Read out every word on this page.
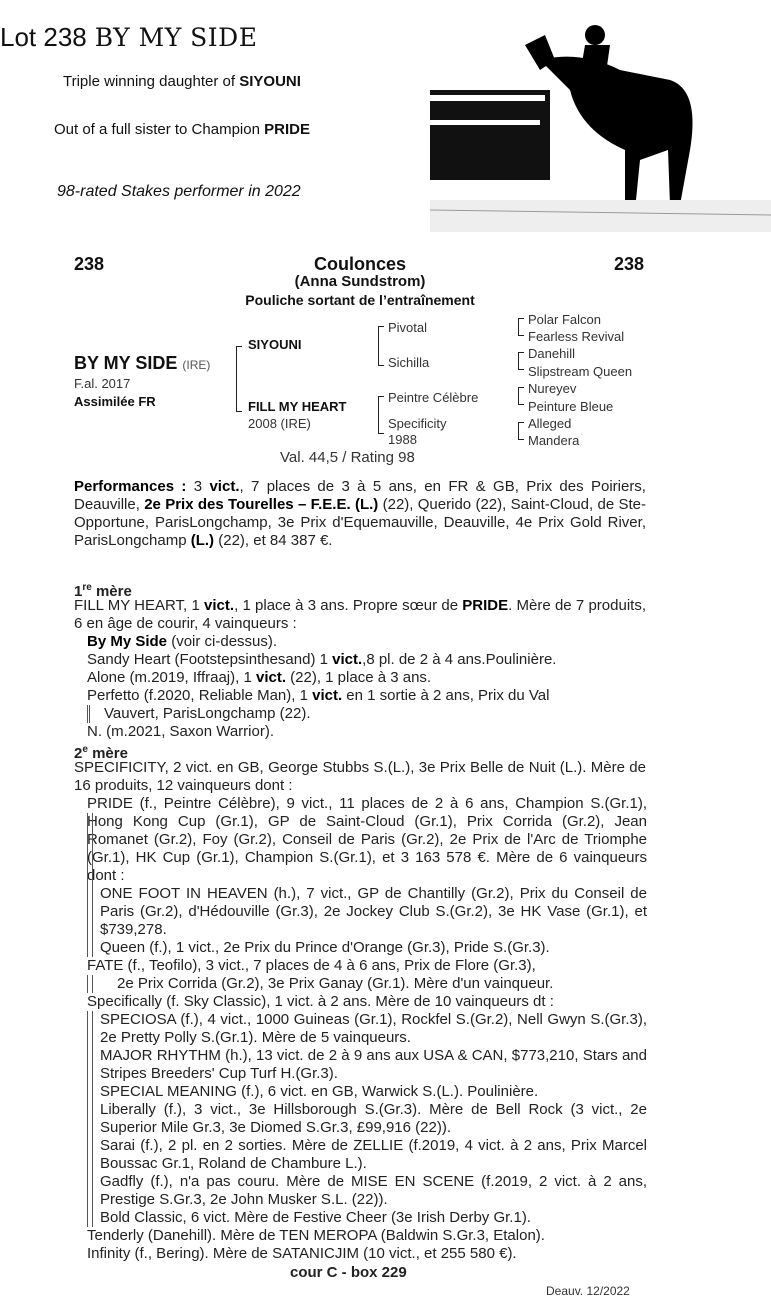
Lot 238 BY MY SIDE
Triple winning daughter of SIYOUNI
Out of a full sister to Champion PRIDE
98-rated Stakes performer in 2022
238	238
Coulonces
(Anna Sundstrom)
Pouliche sortant de l’entraînement
BY MY SIDE (IRE)
F.al. 2017
Assimilée FR
SIYOUNI
FILL MY HEART
2008 (IRE)
Pivotal
Sichilla
Peintre Célèbre
Specificity
1988
Polar Falcon
Fearless Revival
Danehill
Slipstream Queen
Nureyev
Peinture Bleue
Alleged
Mandera
Val. 44,5 / Rating 98
Performances : 3 vict., 7 places de 3 à 5 ans, en FR & GB, Prix des Poiriers, Deauville, 2e Prix des Tourelles – F.E.E. (L.) (22), Querido (22), Saint-Cloud, de Ste-Opportune, ParisLongchamp, 3e Prix d'Equemauville, Deauville, 4e Prix Gold River, ParisLongchamp (L.) (22), et 84 387 €.
1re mère
FILL MY HEART, 1 vict., 1 place à 3 ans. Propre sœur de PRIDE. Mère de 7 produits, 6 en âge de courir, 4 vainqueurs :
By My Side (voir ci-dessus).
Sandy Heart (Footstepsinthesand) 1 vict.,8 pl. de 2 à 4 ans.Poulinière.
Alone (m.2019, Iffraaj), 1 vict. (22), 1 place à 3 ans.
Perfetto (f.2020, Reliable Man), 1 vict. en 1 sortie à 2 ans, Prix du Val
Vauvert, ParisLongchamp (22).
N. (m.2021, Saxon Warrior).
2e mère
SPECIFICITY, 2 vict. en GB, George Stubbs S.(L.), 3e Prix Belle de Nuit (L.). Mère de 16 produits, 12 vainqueurs dont :
PRIDE (f., Peintre Célèbre), 9 vict., 11 places de 2 à 6 ans, Champion S.(Gr.1), Hong Kong Cup (Gr.1), GP de Saint-Cloud (Gr.1), Prix Corrida (Gr.2), Jean Romanet (Gr.2), Foy (Gr.2), Conseil de Paris (Gr.2), 2e Prix de l'Arc de Triomphe (Gr.1), HK Cup (Gr.1), Champion S.(Gr.1), et 3 163 578 €. Mère de 6 vainqueurs dont :
ONE FOOT IN HEAVEN (h.), 7 vict., GP de Chantilly (Gr.2), Prix du Conseil de Paris (Gr.2), d'Hédouville (Gr.3), 2e Jockey Club S.(Gr.2), 3e HK Vase (Gr.1), et $739,278.
Queen (f.), 1 vict., 2e Prix du Prince d'Orange (Gr.3), Pride S.(Gr.3).
FATE (f., Teofilo), 3 vict., 7 places de 4 à 6 ans, Prix de Flore (Gr.3),
2e Prix Corrida (Gr.2), 3e Prix Ganay (Gr.1). Mère d'un vainqueur.
Specifically (f. Sky Classic), 1 vict. à 2 ans. Mère de 10 vainqueurs dt :
SPECIOSA (f.), 4 vict., 1000 Guineas (Gr.1), Rockfel S.(Gr.2), Nell Gwyn S.(Gr.3), 2e Pretty Polly S.(Gr.1). Mère de 5 vainqueurs.
MAJOR RHYTHM (h.), 13 vict. de 2 à 9 ans aux USA & CAN, $773,210, Stars and Stripes Breeders' Cup Turf H.(Gr.3).
SPECIAL MEANING (f.), 6 vict. en GB, Warwick S.(L.). Poulinière.
Liberally (f.), 3 vict., 3e Hillsborough S.(Gr.3). Mère de Bell Rock (3 vict., 2e Superior Mile Gr.3, 3e Diomed S.Gr.3, £99,916 (22)).
Sarai (f.), 2 pl. en 2 sorties. Mère de ZELLIE (f.2019, 4 vict. à 2 ans, Prix Marcel Boussac Gr.1, Roland de Chambure L.).
Gadfly (f.), n'a pas couru. Mère de MISE EN SCENE (f.2019, 2 vict. à 2 ans, Prestige S.Gr.3, 2e John Musker S.L. (22)).
Bold Classic, 6 vict. Mère de Festive Cheer (3e Irish Derby Gr.1).
Tenderly (Danehill). Mère de TEN MEROPA (Baldwin S.Gr.3, Etalon).
Infinity (f., Bering). Mère de SATANICJIM (10 vict., et 255 580 €).
cour C - box 229
Deauv. 12/2022
